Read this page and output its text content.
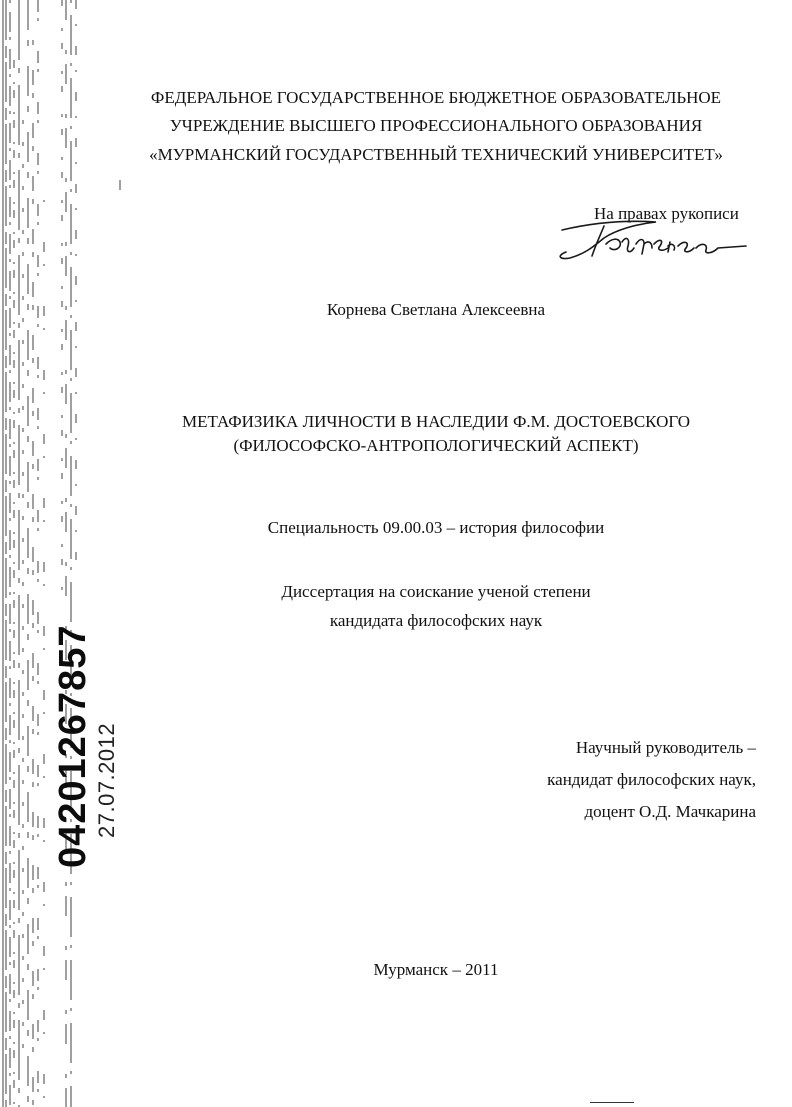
04201267857 27.07.2012
ФЕДЕРАЛЬНОЕ ГОСУДАРСТВЕННОЕ БЮДЖЕТНОЕ ОБРАЗОВАТЕЛЬНОЕ
УЧРЕЖДЕНИЕ ВЫСШЕГО ПРОФЕССИОНАЛЬНОГО ОБРАЗОВАНИЯ
«МУРМАНСКИЙ ГОСУДАРСТВЕННЫЙ ТЕХНИЧЕСКИЙ УНИВЕРСИТЕТ»
На правах рукописи
Корнева Светлана Алексеевна
МЕТАФИЗИКА ЛИЧНОСТИ В НАСЛЕДИИ Ф.М. ДОСТОЕВСКОГО
(ФИЛОСОФСКО-АНТРОПОЛОГИЧЕСКИЙ АСПЕКТ)
Специальность 09.00.03 – история философии
Диссертация на соискание ученой степени
кандидата философских наук
Научный руководитель –
кандидат философских наук,
доцент О.Д. Мачкарина
Мурманск – 2011
